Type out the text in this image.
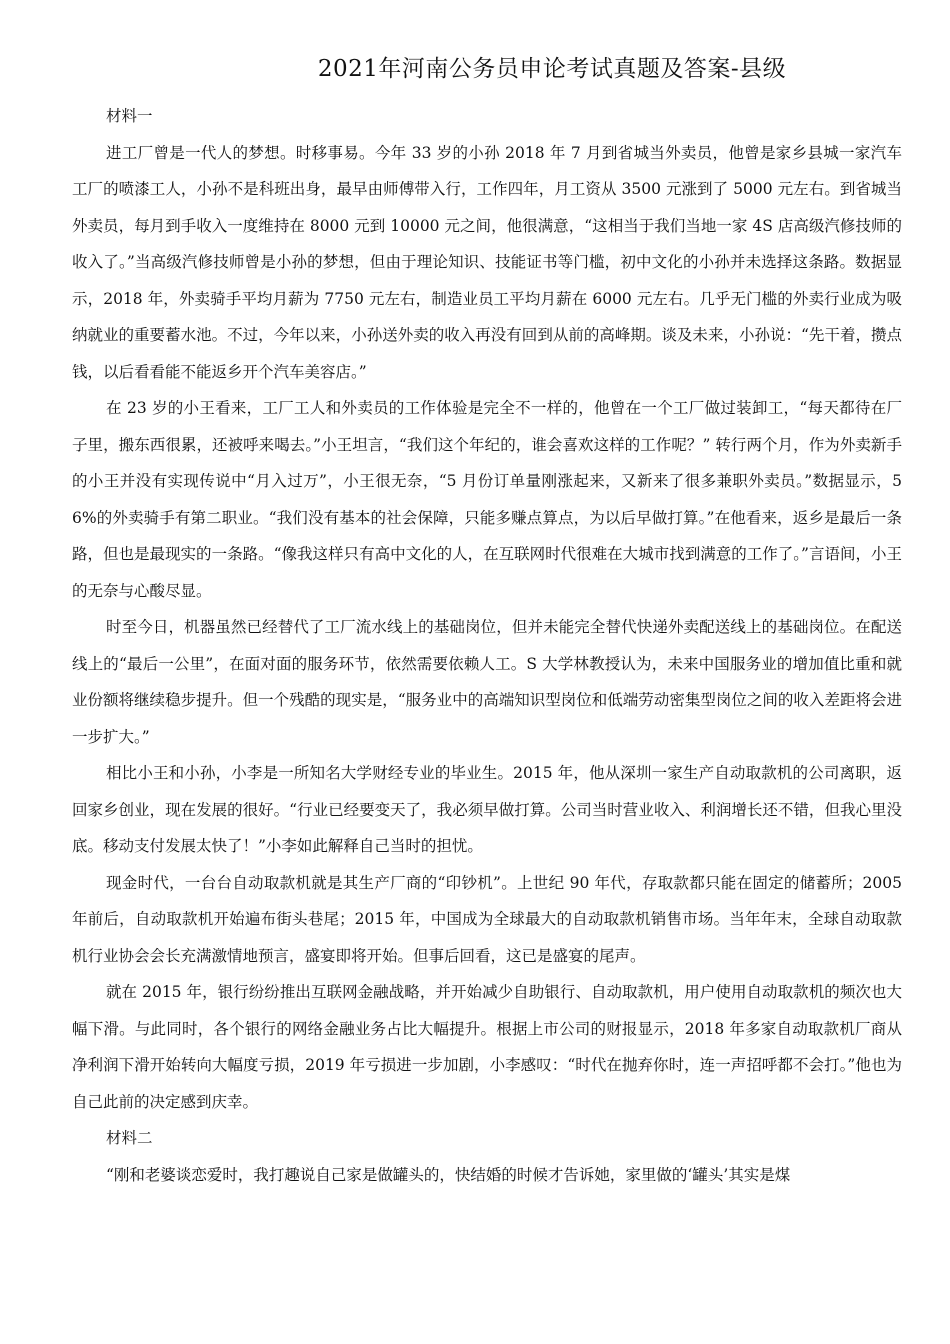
2021年河南公务员申论考试真题及答案-县级

材料一

进工厂曾是一代人的梦想。时移事易。今年 33 岁的小孙 2018 年 7 月到省城当外卖员，他曾是家乡县城一家汽车工厂的喷漆工人，小孙不是科班出身，最早由师傅带入行，工作四年，月工资从 3500 元涨到了 5000 元左右。到省城当外卖员，每月到手收入一度维持在 8000 元到 10000 元之间，他很满意，“这相当于我们当地一家 4S 店高级汽修技师的收入了。”当高级汽修技师曾是小孙的梦想，但由于理论知识、技能证书等门槛，初中文化的小孙并未选择这条路。数据显示，2018 年，外卖骑手平均月薪为 7750 元左右，制造业员工平均月薪在 6000 元左右。几乎无门槛的外卖行业成为吸纳就业的重要蓄水池。不过，今年以来，小孙送外卖的收入再没有回到从前的高峰期。谈及未来，小孙说：“先干着，攒点钱，以后看看能不能返乡开个汽车美容店。”

在 23 岁的小王看来，工厂工人和外卖员的工作体验是完全不一样的，他曾在一个工厂做过装卸工，“每天都待在厂子里，搬东西很累，还被呼来喝去。”小王坦言，“我们这个年纪的，谁会喜欢这样的工作呢？” 转行两个月，作为外卖新手的小王并没有实现传说中“月入过万”，小王很无奈，“5 月份订单量刚涨起来，又新来了很多兼职外卖员。”数据显示，56%的外卖骑手有第二职业。“我们没有基本的社会保障，只能多赚点算点，为以后早做打算。”在他看来，返乡是最后一条路，但也是最现实的一条路。“像我这样只有高中文化的人，在互联网时代很难在大城市找到满意的工作了。”言语间，小王的无奈与心酸尽显。

时至今日，机器虽然已经替代了工厂流水线上的基础岗位，但并未能完全替代快递外卖配送线上的基础岗位。在配送线上的“最后一公里”，在面对面的服务环节，依然需要依赖人工。S 大学林教授认为，未来中国服务业的增加值比重和就业份额将继续稳步提升。但一个残酷的现实是，“服务业中的高端知识型岗位和低端劳动密集型岗位之间的收入差距将会进一步扩大。”

相比小王和小孙，小李是一所知名大学财经专业的毕业生。2015 年，他从深圳一家生产自动取款机的公司离职，返回家乡创业，现在发展的很好。“行业已经要变天了，我必须早做打算。公司当时营业收入、利润增长还不错，但我心里没底。移动支付发展太快了！”小李如此解释自己当时的担忧。

现金时代，一台台自动取款机就是其生产厂商的“印钞机”。上世纪 90 年代，存取款都只能在固定的储蓄所；2005 年前后，自动取款机开始遍布街头巷尾；2015 年，中国成为全球最大的自动取款机销售市场。当年年末，全球自动取款机行业协会会长充满激情地预言，盛宴即将开始。但事后回看，这已是盛宴的尾声。

就在 2015 年，银行纷纷推出互联网金融战略，并开始减少自助银行、自动取款机，用户使用自动取款机的频次也大幅下滑。与此同时，各个银行的网络金融业务占比大幅提升。根据上市公司的财报显示，2018 年多家自动取款机厂商从净利润下滑开始转向大幅度亏损，2019 年亏损进一步加剧，小李感叹：“时代在抛弃你时，连一声招呼都不会打。”他也为自己此前的决定感到庆幸。

材料二

“刚和老婆谈恋爱时，我打趣说自己家是做罐头的，快结婚的时候才告诉她，家里做的‘罐头’其实是煤
